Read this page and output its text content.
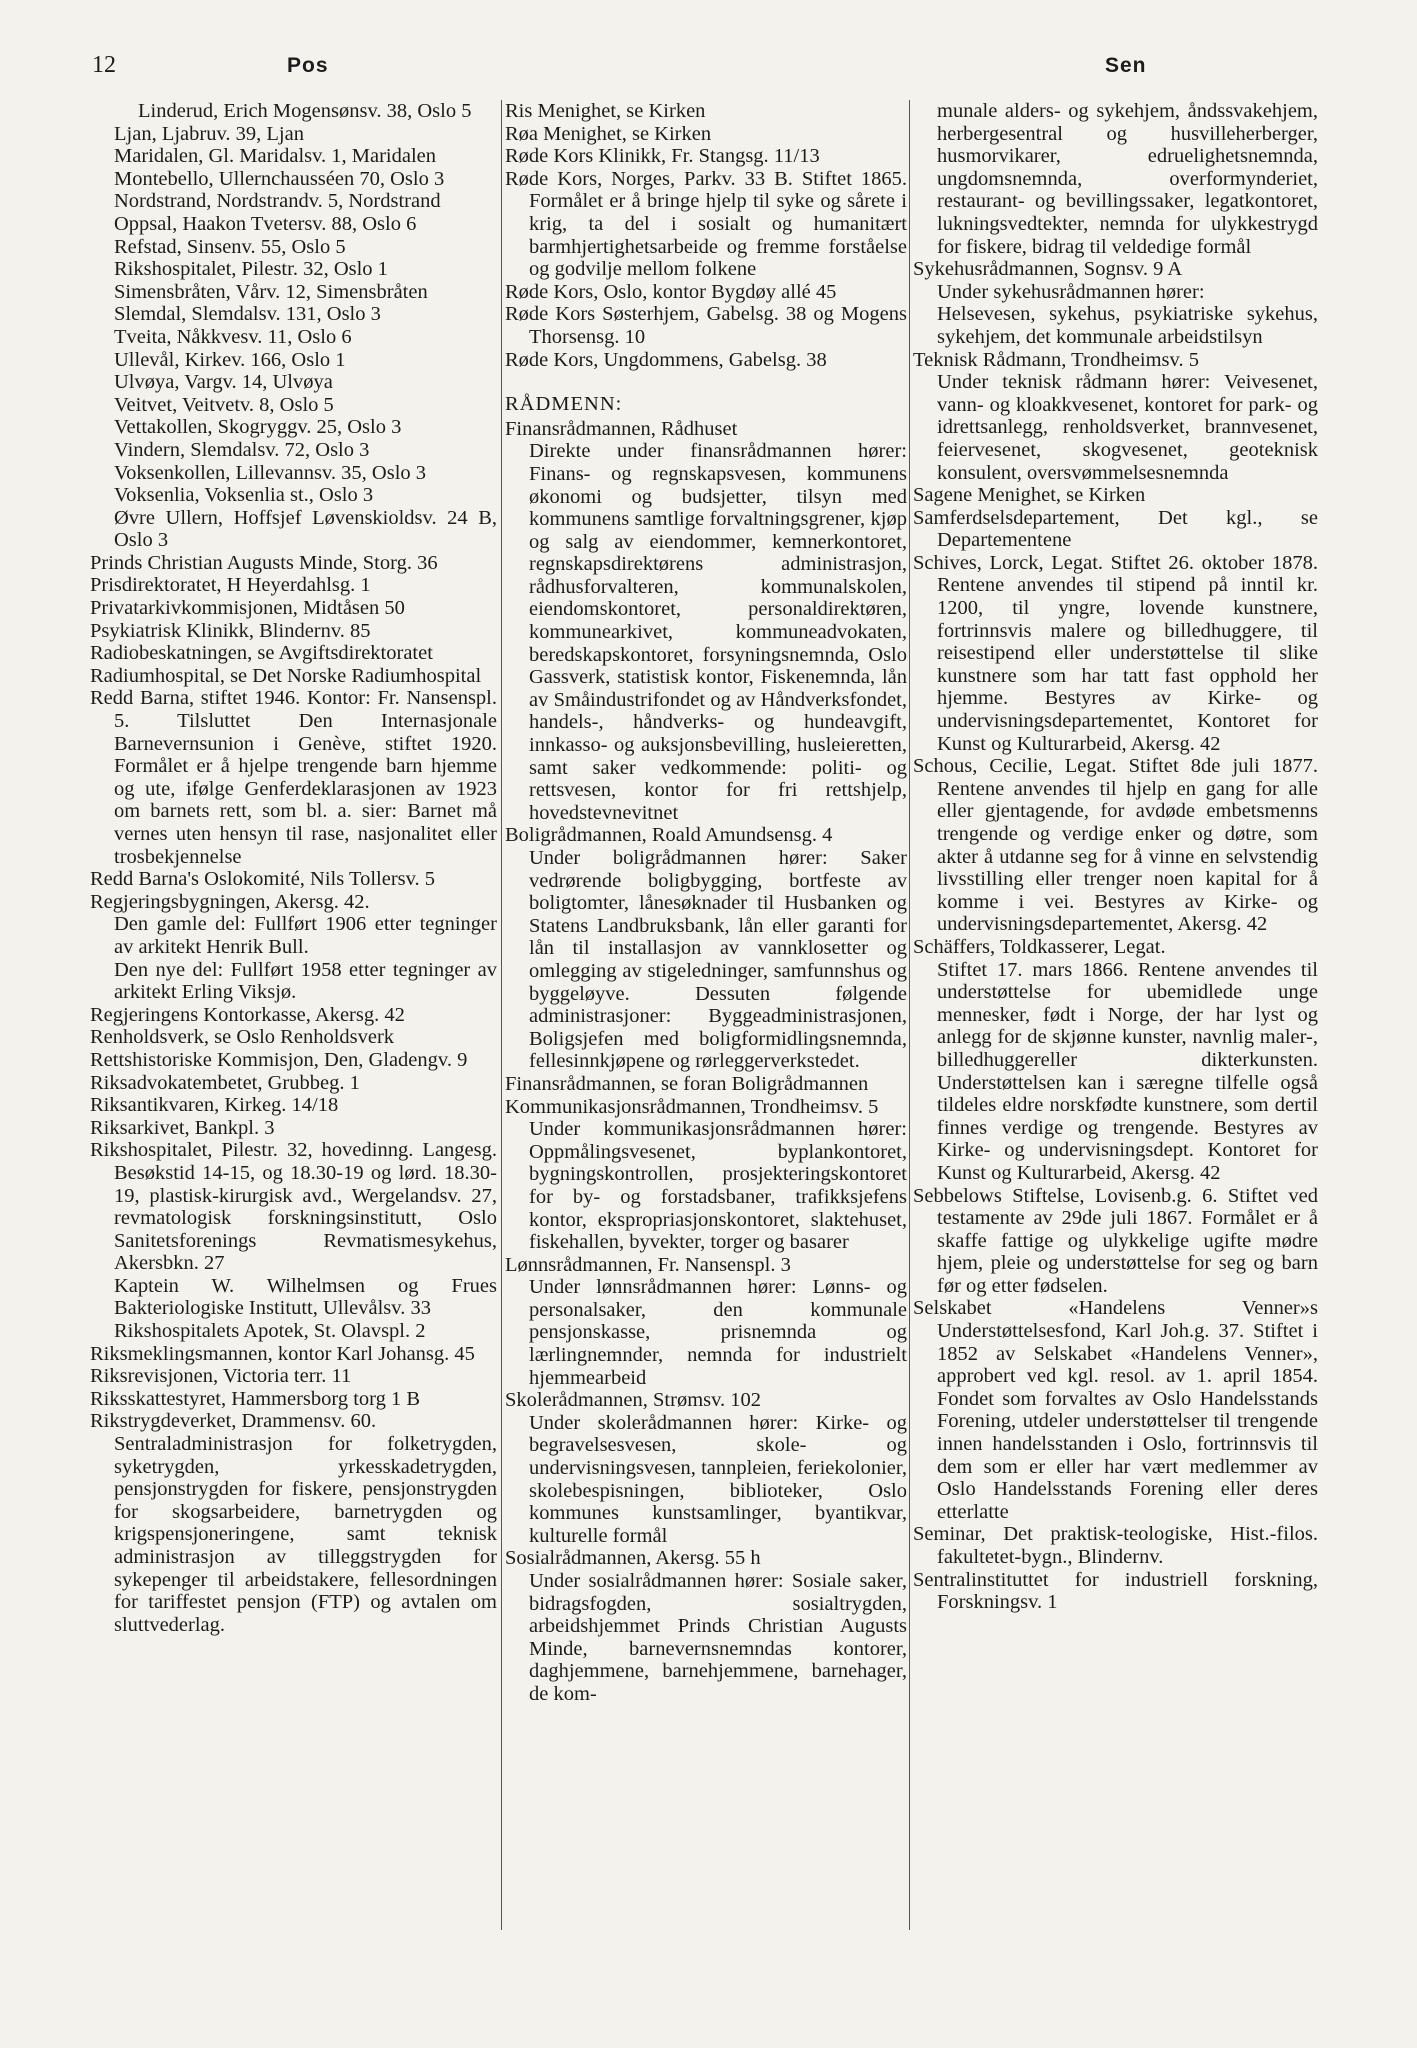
12	Pos	Sen
Linderud, Erich Mogensønsv. 38, Oslo 5
Ljan, Ljabruv. 39, Ljan
Maridalen, Gl. Maridalsv. 1, Maridalen
Montebello, Ullernchausséen 70, Oslo 3
Nordstrand, Nordstrandv. 5, Nordstrand
Oppsal, Haakon Tvetersv. 88, Oslo 6
Refstad, Sinsenv. 55, Oslo 5
Rikshospitalet, Pilestr. 32, Oslo 1
Simensbråten, Vårv. 12, Simensbråten
Slemdal, Slemdalsv. 131, Oslo 3
Tveita, Nåkkvesv. 11, Oslo 6
Ullevål, Kirkev. 166, Oslo 1
Ulvøya, Vargv. 14, Ulvøya
Veitvet, Veitvetv. 8, Oslo 5
Vettakollen, Skogryggv. 25, Oslo 3
Vindern, Slemdalsv. 72, Oslo 3
Voksenkollen, Lillevannsv. 35, Oslo 3
Voksenlia, Voksenlia st., Oslo 3
Øvre Ullern, Hoffsjef Løvenskioldsv. 24 B, Oslo 3
Prinds Christian Augusts Minde, Storg. 36
Prisdirektoratet, H Heyerdahlsg. 1
Privatarkivkommisjonen, Midtåsen 50
Psykiatrisk Klinikk, Blindernv. 85
Radiobeskatningen, se Avgiftsdirektoratet
Radiumhospital, se Det Norske Radiumhospital
Redd Barna, stiftet 1946. Kontor: Fr. Nansenspl. 5. Tilsluttet Den Internasjonale Barnevernsunion i Genève, stiftet 1920. Formålet er å hjelpe trengende barn hjemme og ute, ifølge Genferdeklarasjonen av 1923 om barnets rett, som bl. a. sier: Barnet må vernes uten hensyn til rase, nasjonalitet eller trosbekjennelse
Redd Barna's Oslokomité, Nils Tollersv. 5
Regjeringsbygningen, Akersg. 42.
Den gamle del: Fullført 1906 etter tegninger av arkitekt Henrik Bull.
Den nye del: Fullført 1958 etter tegninger av arkitekt Erling Viksjø.
Regjeringens Kontorkasse, Akersg. 42
Renholdsverk, se Oslo Renholdsverk
Rettshistoriske Kommisjon, Den, Gladengv. 9
Riksadvokatembetet, Grubbeg. 1
Riksantikvaren, Kirkeg. 14/18
Riksarkivet, Bankpl. 3
Rikshospitalet, Pilestr. 32, hovedinng. Langesg. Besøkstid 14-15, og 18.30-19 og lørd. 18.30-19, plastisk-kirurgisk avd., Wergelandsv. 27, revmatologisk forskningsinstitutt, Oslo Sanitetsforenings Revmatismesykehus, Akersbkn. 27
Kaptein W. Wilhelmsen og Frues Bakteriologiske Institutt, Ullevålsv. 33
Rikshospitalets Apotek, St. Olavspl. 2
Riksmeklingsmannen, kontor Karl Johansg. 45
Riksrevisjonen, Victoria terr. 11
Riksskattestyret, Hammersborg torg 1 B
Rikstrygdeverket, Drammensv. 60.
Sentraladministrasjon for folketrygden, syketrygden, yrkesskadetrygden, pensjonstrygden for fiskere, pensjonstrygden for skogsarbeidere, barnetrygden og krigspensjoneringene, samt teknisk administrasjon av tilleggstrygden for sykepenger til arbeidstakere, fellesordningen for tariffestet pensjon (FTP) og avtalen om sluttvederlag.
Ris Menighet, se Kirken
Røa Menighet, se Kirken
Røde Kors Klinikk, Fr. Stangsg. 11/13
Røde Kors, Norges, Parkv. 33 B. Stiftet 1865. Formålet er å bringe hjelp til syke og sårete i krig, ta del i sosialt og humanitært barmhjertighetsarbeide og fremme forståelse og godvilje mellom folkene
Røde Kors, Oslo, kontor Bygdøy allé 45
Røde Kors Søsterhjem, Gabelsg. 38 og Mogens Thorsensg. 10
Røde Kors, Ungdommens, Gabelsg. 38
RÅDMENN:
Finansrådmannen, Rådhuset
Direkte under finansrådmannen hører: Finans- og regnskapsvesen, kommunens økonomi og budsjetter, tilsyn med kommunens samtlige forvaltningsgrener, kjøp og salg av eiendommer, kemnerkontoret, regnskapsdirektørens administrasjon, rådhusforvalteren, kommunalskolen, eiendomskontoret, personaldirektøren, kommunearkivet, kommuneadvokaten, beredskapskontoret, forsyningsnemnda, Oslo Gassverk, statistisk kontor, Fiskenemnda, lån av Småindustrifondet og av Håndverksfondet, handels-, håndverks- og hundeavgift, innkasso- og auksjonsbevilling, husleieretten, samt saker vedkommende: politi- og rettsvesen, kontor for fri rettshjelp, hovedstevnevitnet
Boligrådmannen, Roald Amundsensg. 4
Under boligrådmannen hører: Saker vedrørende boligbygging, bortfeste av boligtomter, lånesøknader til Husbanken og Statens Landbruksbank, lån eller garanti for lån til installasjon av vannklosetter og omlegging av stigeledninger, samfunnshus og byggeløyve. Dessuten følgende administrasjoner: Byggeadministrasjonen, Boligsjefen med boligformidlingsnemnda, fellesinnkjøpene og rørleggerverkstedet.
Finansrådmannen, se foran Boligrådmannen
Kommunikasjonsrådmannen, Trondheimsv. 5
Under kommunikasjonsrådmannen hører: Oppmålingsvesenet, byplankontoret, bygningskontrollen, prosjekteringskontoret for by- og forstadsbaner, trafikksjefens kontor, ekspropriasjonskontoret, slaktehuset, fiskehallen, byvekter, torger og basarer
Lønnsrådmannen, Fr. Nansenspl. 3
Under lønnsrådmannen hører: Lønns- og personalsaker, den kommunale pensjonskasse, prisnemnda og lærlingnemnder, nemnda for industrielt hjemmearbeid
Skolerådmannen, Strømsv. 102
Under skolerådmannen hører: Kirke- og begravelsesvesen, skole- og undervisningsvesen, tannpleien, feriekolonier, skolebespisningen, biblioteker, Oslo kommunes kunstsamlinger, byantikvar, kulturelle formål
Sosialrådmannen, Akersg. 55 h
Under sosialrådmannen hører: Sosiale saker, bidragsfogden, sosialtrygden, arbeidshjemmet Prinds Christian Augusts Minde, barnevernsnemndas kontorer, daghjemmene, barnehjemmene, barnehager, de kom-
munale alders- og sykehjem, åndssvakehjem, herbergesentral og husvilleherberger, husmorvikarer, edruelighetsnemnda, ungdomsnemnda, overformynderiet, restaurant- og bevillingssaker, legatkontoret, lukningsvedtekter, nemnda for ulykkestrygd for fiskere, bidrag til veldedige formål
Sykehusrådmannen, Sognsv. 9 A
Under sykehusrådmannen hører:
Helsevesen, sykehus, psykiatriske sykehus, sykehjem, det kommunale arbeidstilsyn
Teknisk Rådmann, Trondheimsv. 5
Under teknisk rådmann hører: Veivesenet, vann- og kloakkvesenet, kontoret for park- og idrettsanlegg, renholdsverket, brannvesenet, feiervesenet, skogvesenet, geoteknisk konsulent, oversvømmelsesnemnda
Sagene Menighet, se Kirken
Samferdselsdepartement, Det kgl., se Departementene
Schives, Lorck, Legat. Stiftet 26. oktober 1878. Rentene anvendes til stipend på inntil kr. 1200, til yngre, lovende kunstnere, fortrinnsvis malere og billedhuggere, til reisestipend eller understøttelse til slike kunstnere som har tatt fast opphold her hjemme. Bestyres av Kirke- og undervisningsdepartementet, Kontoret for Kunst og Kulturarbeid, Akersg. 42
Schous, Cecilie, Legat. Stiftet 8de juli 1877. Rentene anvendes til hjelp en gang for alle eller gjentagende, for avdøde embetsmenns trengende og verdige enker og døtre, som akter å utdanne seg for å vinne en selvstendig livsstilling eller trenger noen kapital for å komme i vei. Bestyres av Kirke- og undervisningsdepartementet, Akersg. 42
Schäffers, Toldkasserer, Legat.
Stiftet 17. mars 1866. Rentene anvendes til understøttelse for ubemidlede unge mennesker, født i Norge, der har lyst og anlegg for de skjønne kunster, navnlig maler-, billedhuggereller dikterkunsten. Understøttelsen kan i særegne tilfelle også tildeles eldre norskfødte kunstnere, som dertil finnes verdige og trengende. Bestyres av Kirke- og undervisningsdept. Kontoret for Kunst og Kulturarbeid, Akersg. 42
Sebbelows Stiftelse, Lovisenb.g. 6. Stiftet ved testamente av 29de juli 1867. Formålet er å skaffe fattige og ulykkelige ugifte mødre hjem, pleie og understøttelse for seg og barn før og etter fødselen.
Selskabet «Handelens Venner»s Understøttelsesfond, Karl Joh.g. 37. Stiftet i 1852 av Selskabet «Handelens Venner», approbert ved kgl. resol. av 1. april 1854. Fondet som forvaltes av Oslo Handelsstands Forening, utdeler understøttelser til trengende innen handelsstanden i Oslo, fortrinnsvis til dem som er eller har vært medlemmer av Oslo Handelsstands Forening eller deres etterlatte
Seminar, Det praktisk-teologiske, Hist.-filos. fakultetet-bygn., Blindernv.
Sentralinstituttet for industriell forskning, Forskningsv. 1
